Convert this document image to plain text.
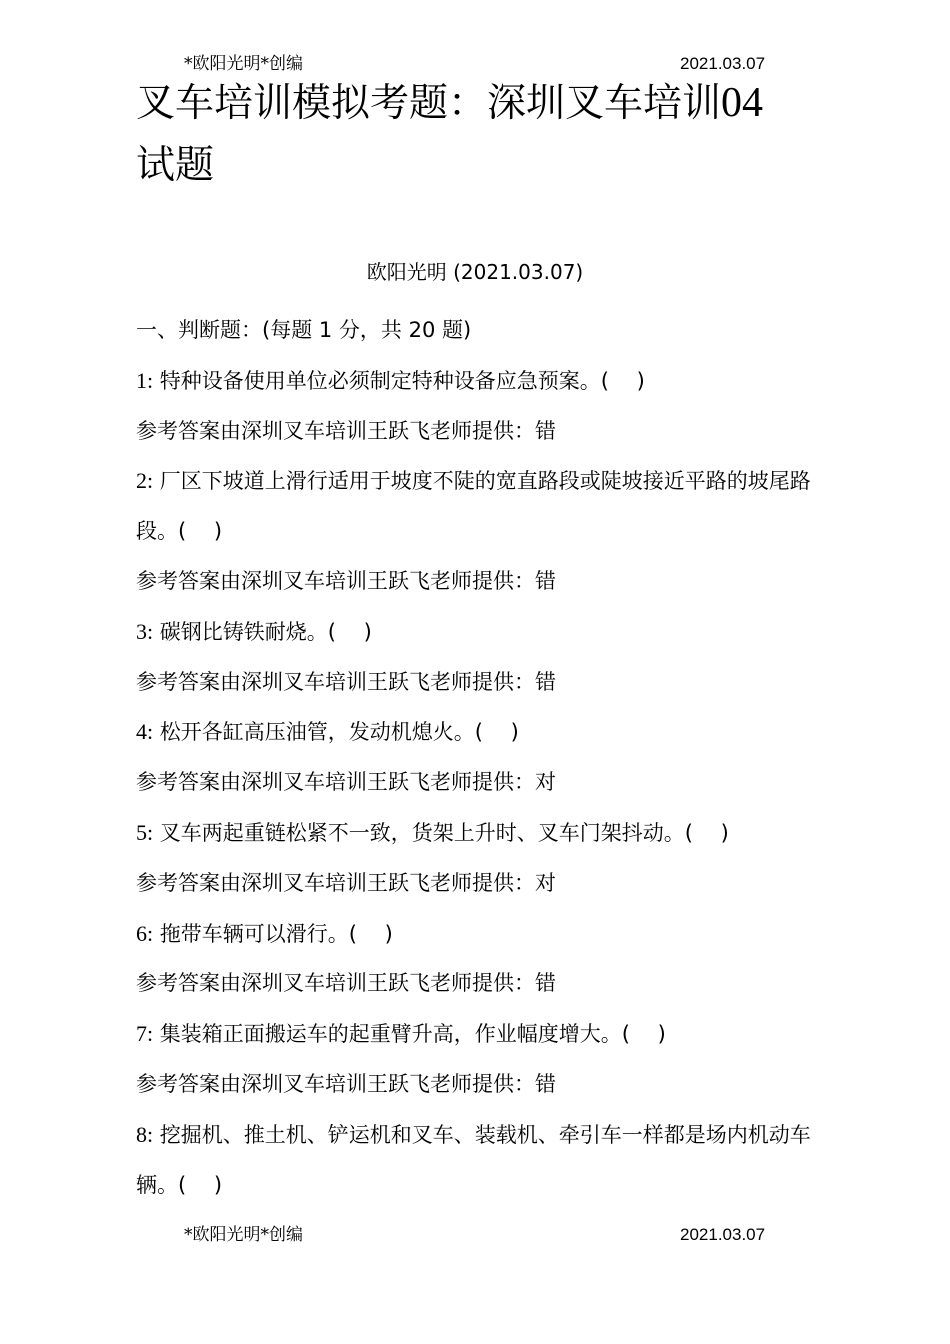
*欧阳光明*创编	2021.03.07
叉车培训模拟考题：深圳叉车培训04
试题
欧阳光明 (2021.03.07)

一、判断题：(每题 1 分，共 20 题)

1: 特种设备使用单位必须制定特种设备应急预案。(　 )

参考答案由深圳叉车培训王跃飞老师提供：错

2: 厂区下坡道上滑行适用于坡度不陡的宽直路段或陡坡接近平路的坡尾路段。(　 )

参考答案由深圳叉车培训王跃飞老师提供：错

3: 碳钢比铸铁耐烧。(　 )

参考答案由深圳叉车培训王跃飞老师提供：错

4: 松开各缸高压油管，发动机熄火。(　 )

参考答案由深圳叉车培训王跃飞老师提供：对

5: 叉车两起重链松紧不一致，货架上升时、叉车门架抖动。(　 )

参考答案由深圳叉车培训王跃飞老师提供：对

6: 拖带车辆可以滑行。(　 )

参考答案由深圳叉车培训王跃飞老师提供：错

7: 集装箱正面搬运车的起重臂升高，作业幅度增大。(　 )

参考答案由深圳叉车培训王跃飞老师提供：错

8: 挖掘机、推土机、铲运机和叉车、装载机、牵引车一样都是场内机动车辆。(　 )

*欧阳光明*创编	2021.03.07
